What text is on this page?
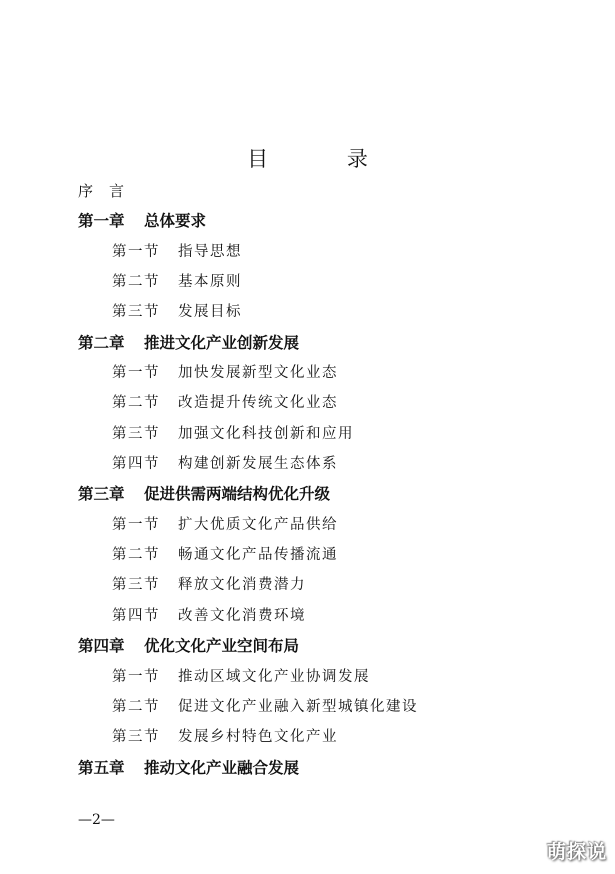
目 录
序 言
第一章 总体要求
第一节 指导思想
第二节 基本原则
第三节 发展目标
第二章 推进文化产业创新发展
第一节 加快发展新型文化业态
第二节 改造提升传统文化业态
第三节 加强文化科技创新和应用
第四节 构建创新发展生态体系
第三章 促进供需两端结构优化升级
第一节 扩大优质文化产品供给
第二节 畅通文化产品传播流通
第三节 释放文化消费潜力
第四节 改善文化消费环境
第四章 优化文化产业空间布局
第一节 推动区域文化产业协调发展
第二节 促进文化产业融入新型城镇化建设
第三节 发展乡村特色文化产业
第五章 推动文化产业融合发展
—2—
萌探说
